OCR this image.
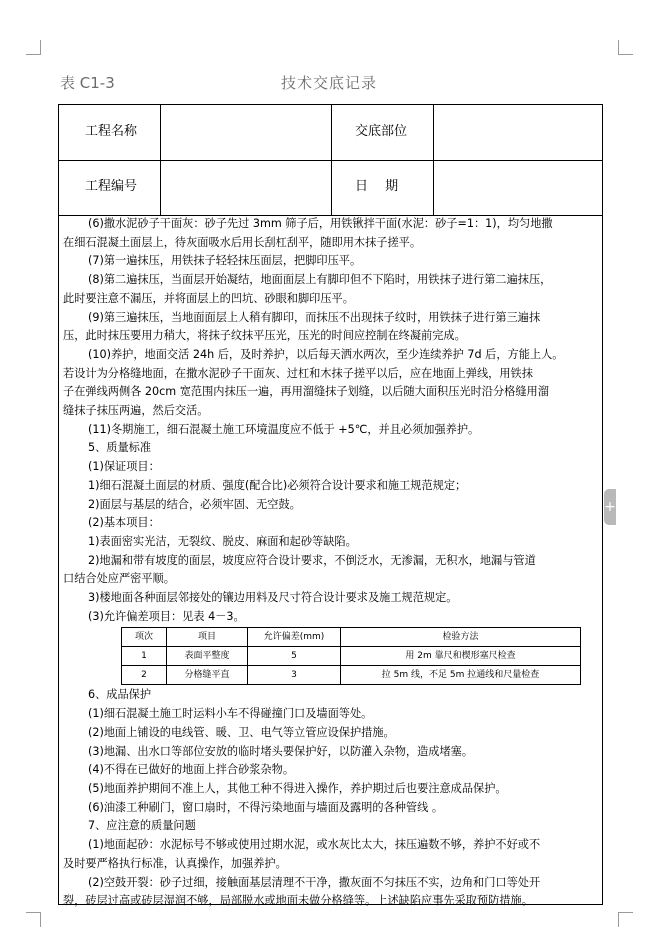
表 C1-3	技术交底记录
工程名称	交底部位
工程编号	日　 期
(6)撒水泥砂子干面灰：砂子先过 3mm 筛子后，用铁锹拌干面(水泥：砂子=1：1)，均匀地撒
在细石混凝土面层上，待灰面吸水后用长刮杠刮平，随即用木抹子搓平。
(7)第一遍抹压，用铁抹子轻轻抹压面层，把脚印压平。
(8)第二遍抹压，当面层开始凝结，地面面层上有脚印但不下陷时，用铁抹子进行第二遍抹压，
此时要注意不漏压，并将面层上的凹坑、砂眼和脚印压平。
(9)第三遍抹压，当地面面层上人稍有脚印，而抹压不出现抹子纹时，用铁抹子进行第三遍抹
压，此时抹压要用力稍大，将抹子纹抹平压光，压光的时间应控制在终凝前完成。
(10)养护，地面交活 24h 后，及时养护，以后每天洒水两次，至少连续养护 7d 后，方能上人。
若设计为分格缝地面，在撒水泥砂子干面灰、过杠和木抹子搓平以后，应在地面上弹线，用铁抹
子在弹线两侧各 20cm 宽范围内抹压一遍，再用溜缝抹子划缝，以后随大面积压光时沿分格缝用溜
缝抹子抹压两遍，然后交活。
(11)冬期施工，细石混凝土施工环境温度应不低于 +5℃，并且必须加强养护。
5、质量标准
(1)保证项目：
1)细石混凝土面层的材质、强度(配合比)必须符合设计要求和施工规范规定；
2)面层与基层的结合，必须牢固、无空鼓。
(2)基本项目：
1)表面密实光洁，无裂纹、脱皮、麻面和起砂等缺陷。
2)地漏和带有坡度的面层，坡度应符合设计要求，不倒泛水，无渗漏，无积水，地漏与管道
口结合处应严密平顺。
3)楼地面各种面层邻接处的镶边用料及尺寸符合设计要求及施工规范规定。
(3)允许偏差项目：见表 4－3。
项次	项目	允许偏差(mm)	检验方法
1	表面平整度	5	用 2m 靠尺和楔形塞尺检查
2	分格缝平直	3	拉 5m 线，不足 5m 拉通线和尺量检查
6、成品保护
(1)细石混凝土施工时运料小车不得碰撞门口及墙面等处。
(2)地面上铺设的电线管、暖、卫、电气等立管应设保护措施。
(3)地漏、出水口等部位安放的临时堵头要保护好，以防灌入杂物，造成堵塞。
(4)不得在已做好的地面上拌合砂浆杂物。
(5)地面养护期间不准上人，其他工种不得进入操作，养护期过后也要注意成品保护。
(6)油漆工种刷门，窗口扇时，不得污染地面与墙面及露明的各种管线 。
7、应注意的质量问题
(1)地面起砂：水泥标号不够或使用过期水泥，或水灰比太大，抹压遍数不够，养护不好或不
及时要严格执行标准，认真操作，加强养护。
(2)空鼓开裂：砂子过细，接触面基层清理不干净，撒灰面不匀抹压不实，边角和门口等处开
裂，砖层过高或砖层湿润不够，局部脱水或地面未做分格缝等。上述缺陷应事先采取预防措施。
+
